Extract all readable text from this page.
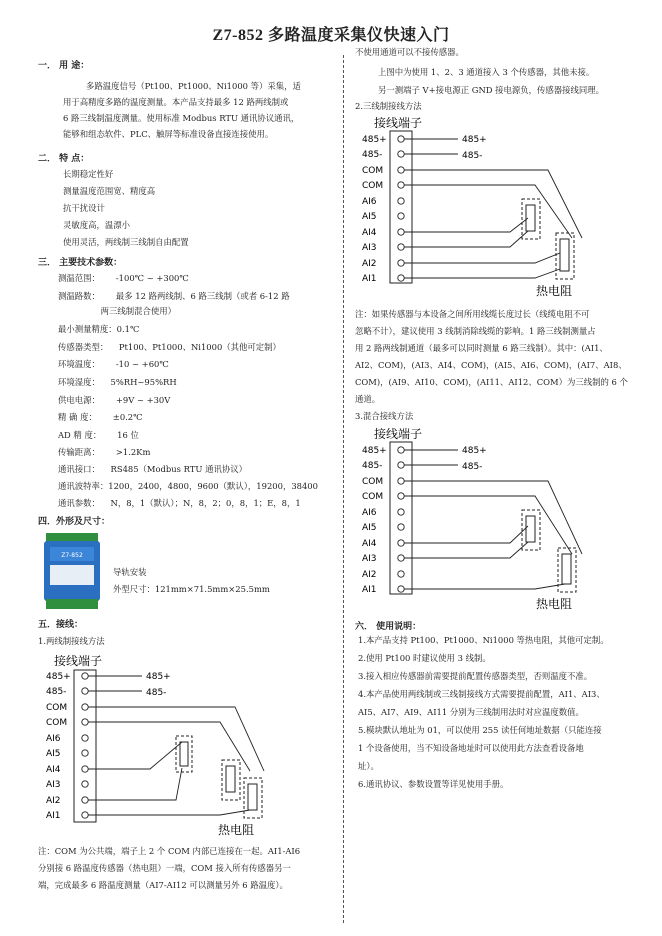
Z7-852 多路温度采集仪快速入门
一． 用 途：
多路温度信号（Pt100、Pt1000、Ni1000 等）采集，适
用于高精度多路的温度测量。本产品支持最多 12 路两线制或
6 路三线制温度测量。使用标准 Modbus RTU 通讯协议通讯，
能够和组态软件、PLC、触屏等标准设备直接连接使用。
二． 特 点：
长期稳定性好
测量温度范围宽、精度高
抗干扰设计
灵敏度高，温漂小
使用灵活，两线制三线制自由配置
三． 主要技术参数：
测温范围：      -100℃ ~ +300℃
测温路数：      最多 12 路两线制、6 路三线制（或者 6-12 路
两三线制混合使用）
最小测量精度：0.1℃
传感器类型：    Pt100、Pt1000、Ni1000（其他可定制）
环境温度：      -10 ~ +60℃
环境湿度：    5%RH~95%RH
供电电源：      +9V ~ +30V
精 确 度：      ±0.2℃
AD 精 度：      16 位
传输距离：      >1.2Km
通讯接口：    RS485（Modbus RTU 通讯协议）
通讯波特率：1200，2400，4800，9600（默认），19200，38400
通讯参数：    N，8，1（默认）；N，8，2；0，8，1；E，8，1
四．外形及尺寸：
Z7-852
导轨安装
外型尺寸：121mm×71.5mm×25.5mm
五．接线：
1.两线制接线方法
接线端子
485+
485-
COM
COM
AI6
AI5
AI4
AI3
AI2
AI1
485+
485-
热电阻
注：COM 为公共端，端子上 2 个 COM 内部已连接在一起。AI1-AI6
分别接 6 路温度传感器（热电阻）一端，COM 接入所有传感器另一
端，完成最多 6 路温度测量（AI7-AI12 可以测量另外 6 路温度）。
不使用通道可以不接传感器。
上图中为使用 1、2、3 通道接入 3 个传感器，其他未接。
另一测端子 V+接电源正 GND 接电源负，传感器接线同理。
2.三线制接线方法
接线端子
485+
485-
COM
COM
AI6
AI5
AI4
AI3
AI2
AI1
485+
485-
热电阻
注：如果传感器与本设备之间所用线缆长度过长（线缆电阻不可
忽略不计），建议使用 3 线制消除线缆的影响。1 路三线制测量占
用 2 路两线制通道（最多可以同时测量 6 路三线制）。其中：(AI1、
AI2、COM)，(AI3、AI4、COM)，(AI5、AI6、COM)，(AI7、AI8、
COM)，(AI9、AI10、COM)，(AI11、AI12、COM）为三线制的 6 个
通道。
3.混合接线方法
接线端子
485+
485-
COM
COM
AI6
AI5
AI4
AI3
AI2
AI1
485+
485-
热电阻
六． 使用说明：
1.本产品支持 Pt100、Pt1000、Ni1000 等热电阻，其他可定制。
2.使用 Pt100 时建议使用 3 线制。
3.接入相应传感器前需要提前配置传感器类型，否则温度不准。
4.本产品使用两线制或三线制接线方式需要提前配置，AI1、AI3、
AI5、AI7、AI9、AI11 分别为三线制用法时对应温度数值。
5.模块默认地址为 01，可以使用 255 读任何地址数据（只能连接
1 个设备使用，当不知设备地址时可以使用此方法查看设备地
址）。
6.通讯协议、参数设置等详见使用手册。
